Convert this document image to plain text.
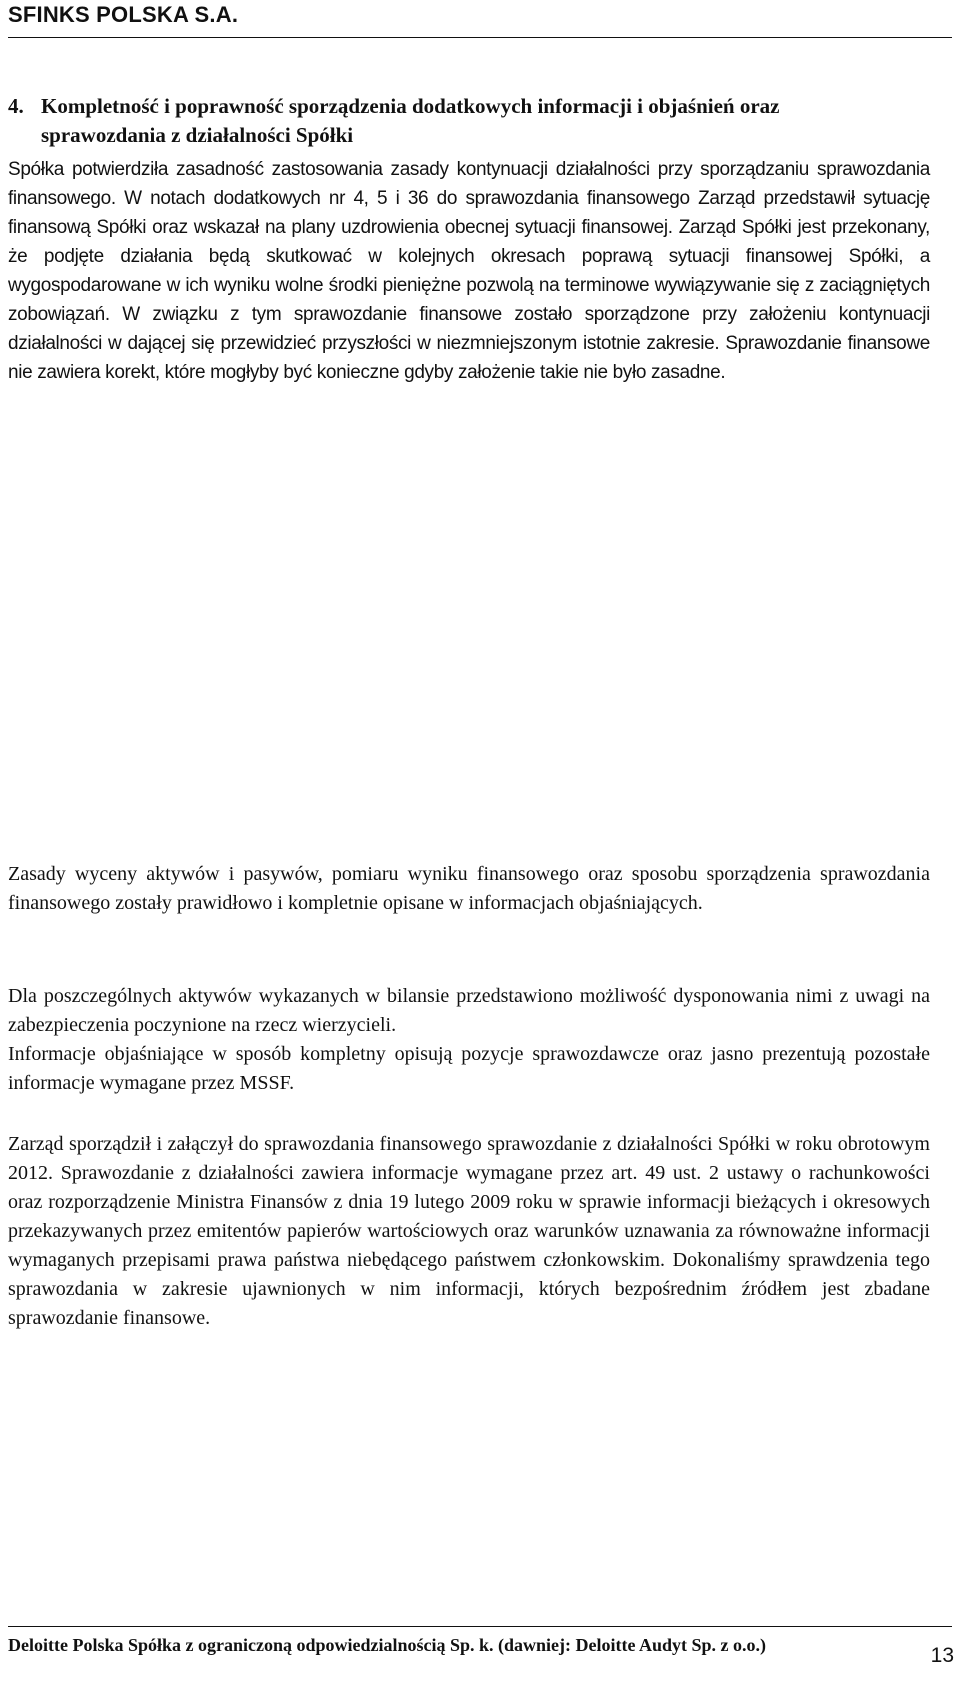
SFINKS POLSKA S.A.
4. Kompletność i poprawność sporządzenia dodatkowych informacji i objaśnień oraz
sprawozdania z działalności Spółki

Spółka potwierdziła zasadność zastosowania zasady kontynuacji działalności przy sporządzaniu sprawozdania finansowego. W notach dodatkowych nr 4, 5 i 36 do sprawozdania finansowego Zarząd przedstawił sytuację finansową Spółki oraz wskazał na plany uzdrowienia obecnej sytuacji finansowej. Zarząd Spółki jest przekonany, że podjęte działania będą skutkować w kolejnych okresach poprawą sytuacji finansowej Spółki, a wygospodarowane w ich wyniku wolne środki pieniężne pozwolą na terminowe wywiązywanie się z zaciągniętych zobowiązań. W związku z tym sprawozdanie finansowe zostało sporządzone przy założeniu kontynuacji działalności w dającej się przewidzieć przyszłości w niezmniejszonym istotnie zakresie. Sprawozdanie finansowe nie zawiera korekt, które mogłyby być konieczne gdyby założenie takie nie było zasadne.

Zasady wyceny aktywów i pasywów, pomiaru wyniku finansowego oraz sposobu sporządzenia sprawozdania finansowego zostały prawidłowo i kompletnie opisane w informacjach objaśniających.

Dla poszczególnych aktywów wykazanych w bilansie przedstawiono możliwość dysponowania nimi z uwagi na zabezpieczenia poczynione na rzecz wierzycieli.

Informacje objaśniające w sposób kompletny opisują pozycje sprawozdawcze oraz jasno prezentują pozostałe informacje wymagane przez MSSF.

Zarząd sporządził i załączył do sprawozdania finansowego sprawozdanie z działalności Spółki w roku obrotowym 2012. Sprawozdanie z działalności zawiera informacje wymagane przez art. 49 ust. 2 ustawy o rachunkowości oraz rozporządzenie Ministra Finansów z dnia 19 lutego 2009 roku w sprawie informacji bieżących i okresowych przekazywanych przez emitentów papierów wartościowych oraz warunków uznawania za równoważne informacji wymaganych przepisami prawa państwa niebędącego państwem członkowskim. Dokonaliśmy sprawdzenia tego sprawozdania w zakresie ujawnionych w nim informacji, których bezpośrednim źródłem jest zbadane sprawozdanie finansowe.

Deloitte Polska Spółka z ograniczoną odpowiedzialnością Sp. k. (dawniej: Deloitte Audyt Sp. z o.o.)	13
